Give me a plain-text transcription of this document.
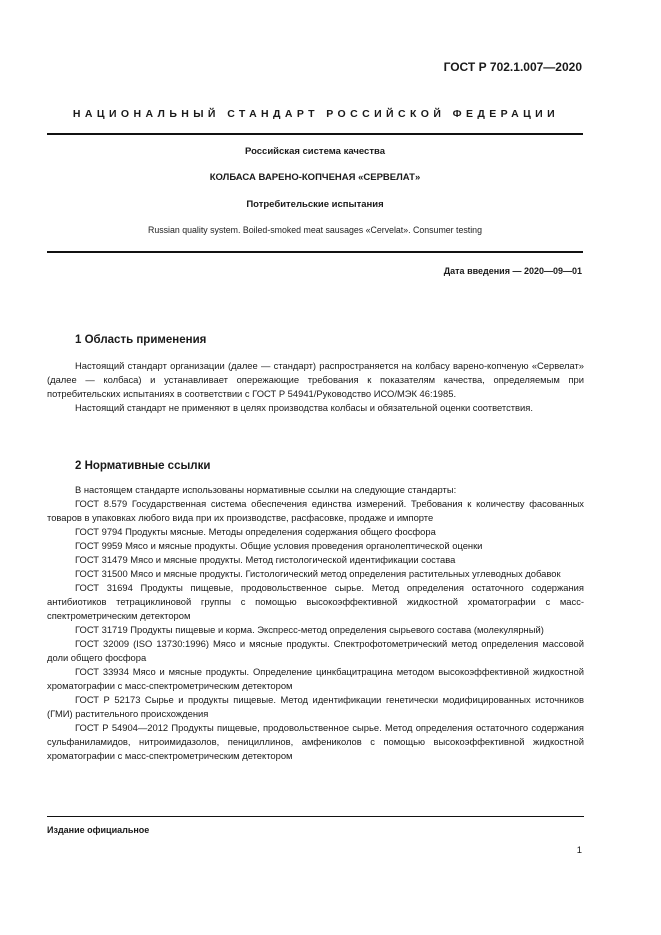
ГОСТ Р 702.1.007—2020
НАЦИОНАЛЬНЫЙ СТАНДАРТ РОССИЙСКОЙ ФЕДЕРАЦИИ
Российская система качества
КОЛБАСА ВАРЕНО-КОПЧЕНАЯ «СЕРВЕЛАТ»
Потребительские испытания
Russian quality system. Boiled-smoked meat sausages «Cervelat». Consumer testing
Дата введения — 2020—09—01
1 Область применения

Настоящий стандарт организации (далее — стандарт) распространяется на колбасу варено-копченую «Сервелат» (далее — колбаса) и устанавливает опережающие требования к показателям качества, определяемым при потребительских испытаниях в соответствии с ГОСТ Р 54941/Руководство ИСО/МЭК 46:1985.

Настоящий стандарт не применяют в целях производства колбасы и обязательной оценки соответствия.

2 Нормативные ссылки

В настоящем стандарте использованы нормативные ссылки на следующие стандарты:

ГОСТ 8.579 Государственная система обеспечения единства измерений. Требования к количеству фасованных товаров в упаковках любого вида при их производстве, расфасовке, продаже и импорте

ГОСТ 9794 Продукты мясные. Методы определения содержания общего фосфора

ГОСТ 9959 Мясо и мясные продукты. Общие условия проведения органолептической оценки

ГОСТ 31479 Мясо и мясные продукты. Метод гистологической идентификации состава

ГОСТ 31500 Мясо и мясные продукты. Гистологический метод определения растительных углеводных добавок

ГОСТ 31694 Продукты пищевые, продовольственное сырье. Метод определения остаточного содержания антибиотиков тетрациклиновой группы с помощью высокоэффективной жидкостной хроматографии с масс-спектрометрическим детектором

ГОСТ 31719 Продукты пищевые и корма. Экспресс-метод определения сырьевого состава (молекулярный)

ГОСТ 32009 (ISO 13730:1996) Мясо и мясные продукты. Спектрофотометрический метод определения массовой доли общего фосфора

ГОСТ 33934 Мясо и мясные продукты. Определение цинкбацитрацина методом высокоэффективной жидкостной хроматографии с масс-спектрометрическим детектором

ГОСТ Р 52173 Сырье и продукты пищевые. Метод идентификации генетически модифицированных источников (ГМИ) растительного происхождения

ГОСТ Р 54904—2012 Продукты пищевые, продовольственное сырье. Метод определения остаточного содержания сульфаниламидов, нитроимидазолов, пенициллинов, амфениколов с помощью высокоэффективной жидкостной хроматографии с масс-спектрометрическим детектором

Издание официальное
1
